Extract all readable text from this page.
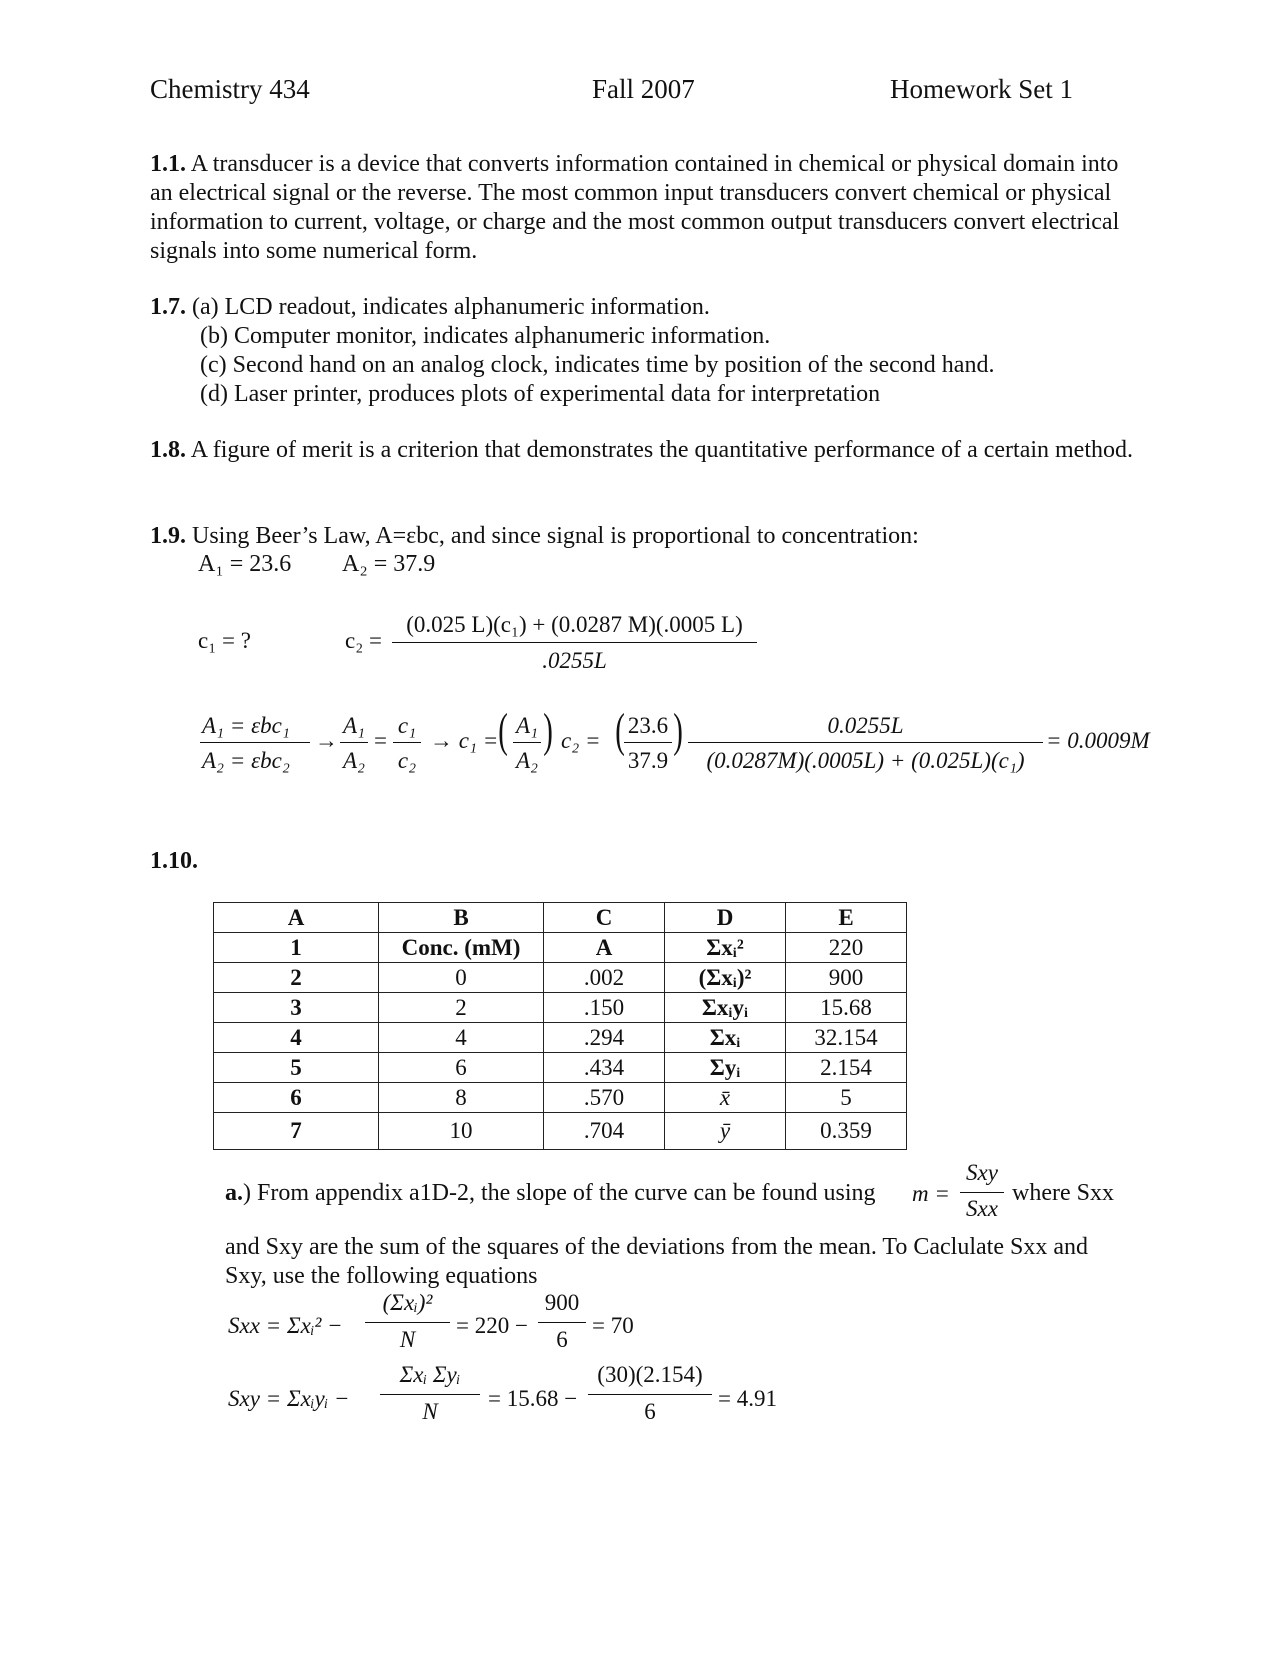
Chemistry 434	Fall 2007	Homework Set 1
1.1. A transducer is a device that converts information contained in chemical or physical domain into an electrical signal or the reverse. The most common input transducers convert chemical or physical information to current, voltage, or charge and the most common output transducers convert electrical signals into some numerical form.
1.7. (a) LCD readout, indicates alphanumeric information.
(b) Computer monitor, indicates alphanumeric information.
(c) Second hand on an analog clock, indicates time by position of the second hand.
(d) Laser printer, produces plots of experimental data for interpretation
1.8. A figure of merit is a criterion that demonstrates the quantitative performance of a certain method.
1.9. Using Beer’s Law, A=εbc, and since signal is proportional to concentration:
A₁ = 23.6 A₂ = 37.9
c₁ = ?	c₂ =
(0.025 L)(c₁) + (0.0287 M)(.0005 L)
.0255L
A₁ = εbc₁
A₂ = εbc₂
→
A₁
A₂
=
c₁
c₂
→ c₁ = ( A₁
A₂
) c₂ = ( 23.6
37.9
)	0.0255L
(0.0287M)(.0005L) + (0.025L)(c₁)
= 0.0009M
1.10.
A	B	C	D	E
1	Conc. (mM)	A	Σxᵢ²	220
2	0	.002	(Σxᵢ)²	900
3	2	.150	Σxᵢyᵢ	15.68
4	4	.294	Σxᵢ	32.154
5	6	.434	Σyᵢ	2.154
6	8	.570	x̄	5
7	10	.704	ȳ	0.359
a.) From appendix a1D-2, the slope of the curve can be found using m =
Sxy
Sxx
where Sxx
and Sxy are the sum of the squares of the deviations from the mean. To Caclulate Sxx and Sxy, use the following equations
Sxx = Σxᵢ² −
(Σxᵢ)²
N
= 220 −
900
6
= 70
Sxy = Σxᵢyᵢ −
Σxᵢ Σyᵢ
N
= 15.68 −
(30)(2.154)
6
= 4.91
